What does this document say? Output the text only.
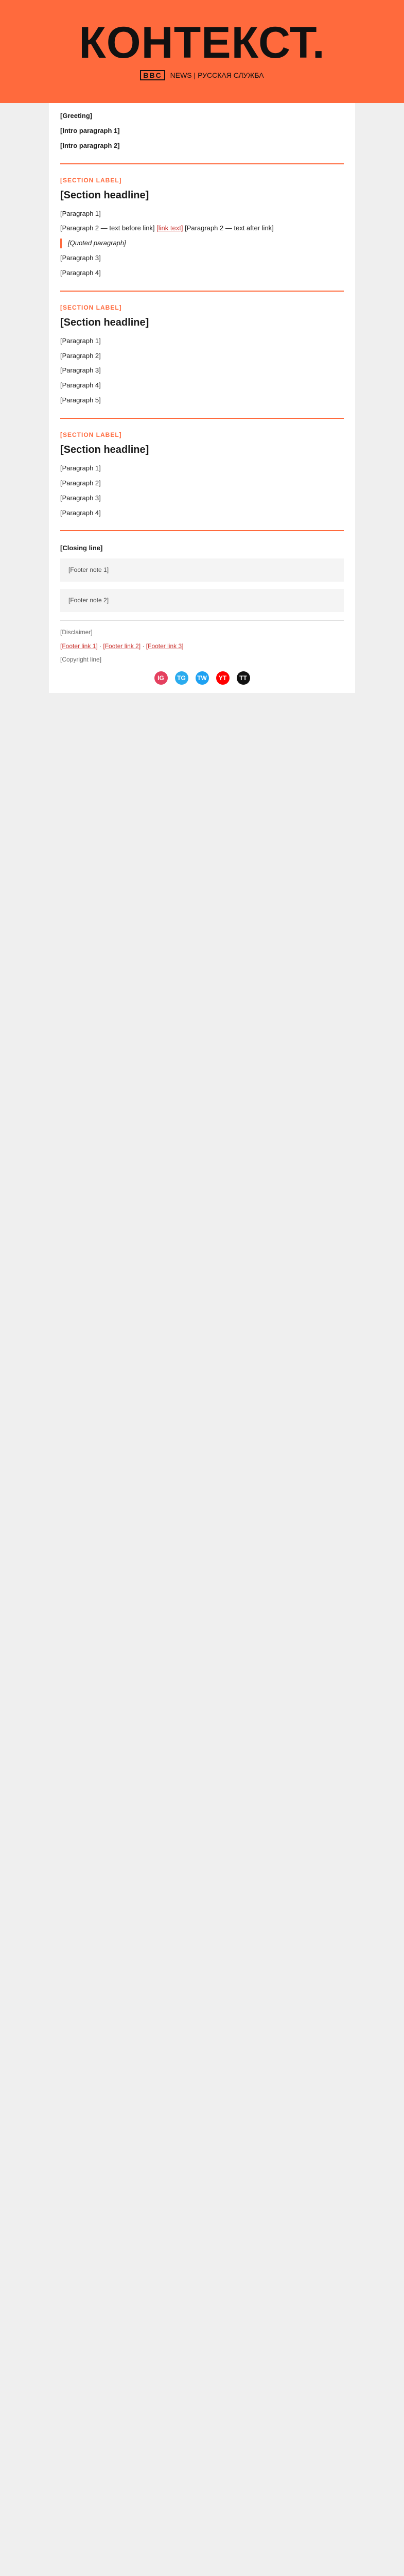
КОНТЕКСТ.
BBC NEWS | РУССКАЯ СЛУЖБА

[Greeting]

[Intro paragraph 1]

[Intro paragraph 2]

[SECTION LABEL]

[Section headline]

[Paragraph 1]

[Paragraph 2 — text before link] [link text] [Paragraph 2 — text after link]

[Quoted paragraph]

[Paragraph 3]

[Paragraph 4]

[SECTION LABEL]

[Section headline]

[Paragraph 1]

[Paragraph 2]

[Paragraph 3]

[Paragraph 4]

[Paragraph 5]

[SECTION LABEL]

[Section headline]

[Paragraph 1]

[Paragraph 2]

[Paragraph 3]

[Paragraph 4]

[Closing line]

[Footer note 1]
[Footer note 2]
[Disclaimer]
[Footer link 1] · [Footer link 2] · [Footer link 3]
[Copyright line]
IG	TG	TW	YT	TT
